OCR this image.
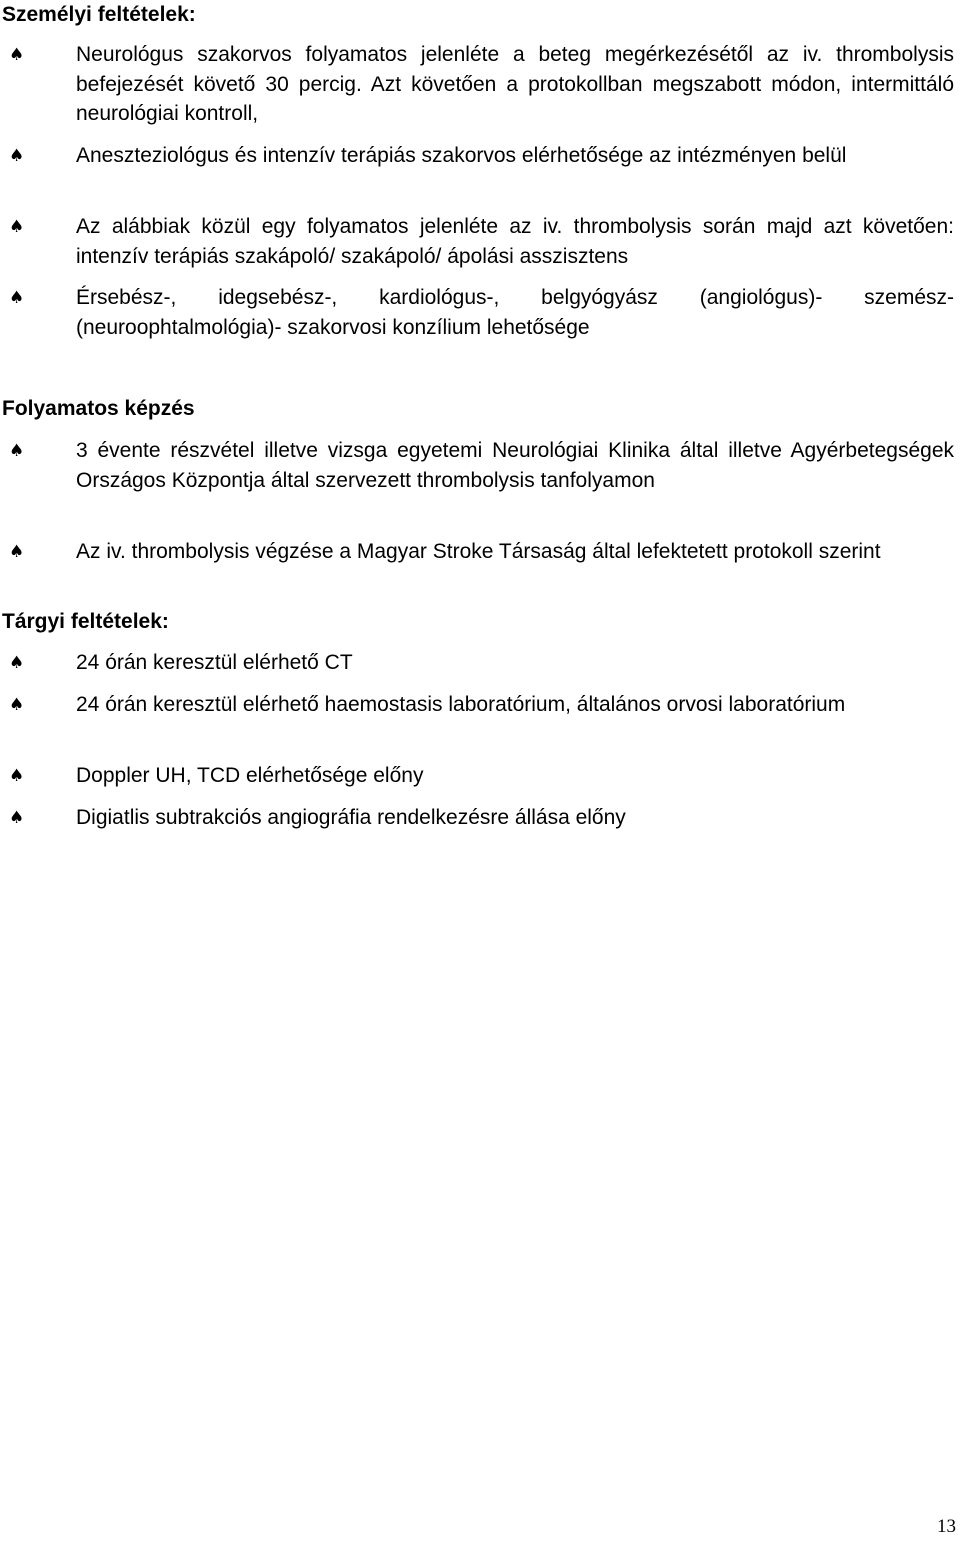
Személyi feltételek:
♠ Neurológus szakorvos folyamatos jelenléte a beteg megérkezésétől az iv. thrombolysis befejezését követő 30 percig. Azt követően a protokollban megszabott módon, intermittáló neurológiai kontroll,
♠ Aneszteziológus és intenzív terápiás szakorvos elérhetősége az intézményen belül
♠ Az alábbiak közül egy folyamatos jelenléte az iv. thrombolysis során majd azt követően: intenzív terápiás szakápoló/ szakápoló/ ápolási asszisztens
♠ Érsebész-, idegsebész-, kardiológus-, belgyógyász (angiológus)- szemész- (neuroophtalmológia)- szakorvosi konzílium lehetősége
Folyamatos képzés
♠ 3 évente részvétel illetve vizsga egyetemi Neurológiai Klinika által illetve Agyérbetegségek Országos Központja által szervezett thrombolysis tanfolyamon
♠ Az iv. thrombolysis végzése a Magyar Stroke Társaság által lefektetett protokoll szerint
Tárgyi feltételek:
♠ 24 órán keresztül elérhető CT
♠ 24 órán keresztül elérhető haemostasis laboratórium, általános orvosi laboratórium
♠ Doppler UH, TCD elérhetősége előny
♠ Digiatlis subtrakciós angiográfia rendelkezésre állása előny
13
